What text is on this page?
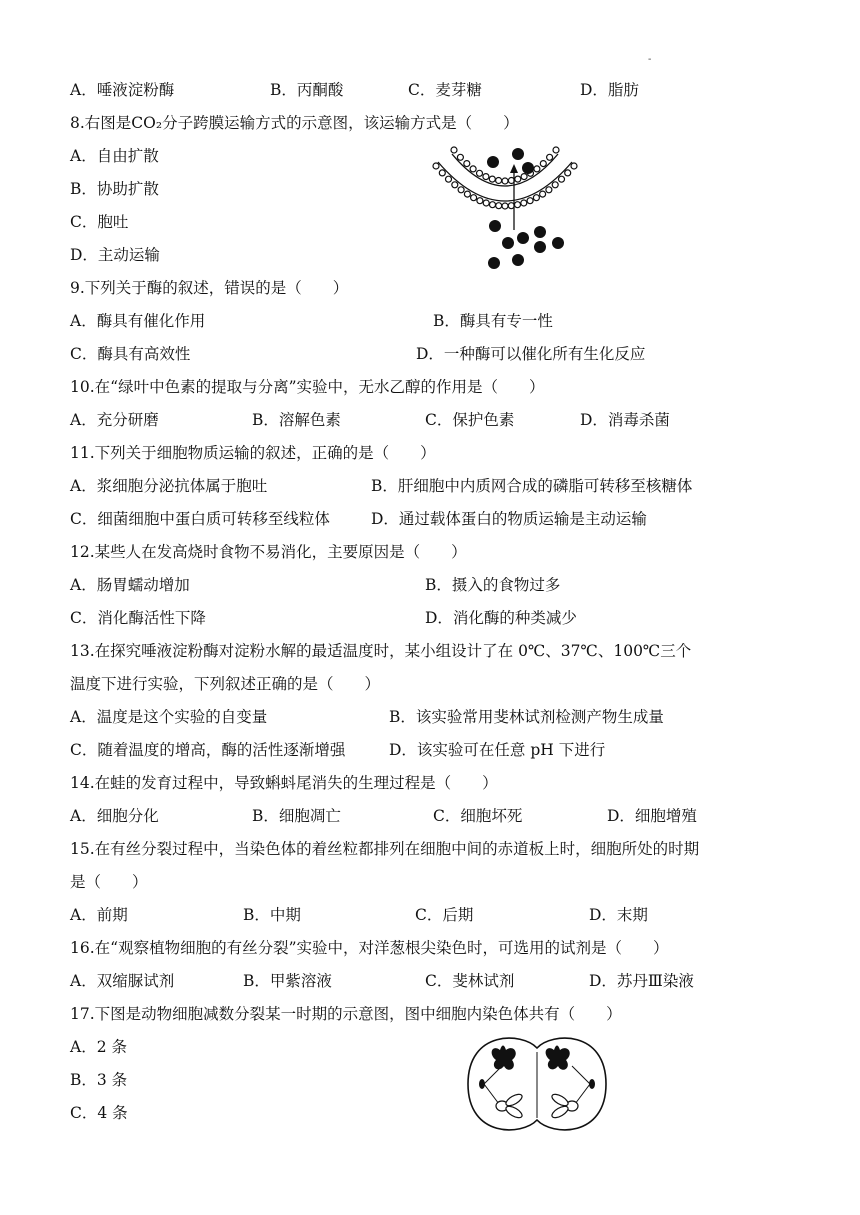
-
A．唾液淀粉酶	B．丙酮酸	C．麦芽糖	D．脂肪
8.右图是CO₂分子跨膜运输方式的示意图，该运输方式是（　　）
A．自由扩散
B．协助扩散
C．胞吐
D．主动运输
9.下列关于酶的叙述，错误的是（　　）
A．酶具有催化作用	B．酶具有专一性
C．酶具有高效性	D．一种酶可以催化所有生化反应
10.在“绿叶中色素的提取与分离”实验中，无水乙醇的作用是（　　）
A．充分研磨	B．溶解色素	C．保护色素	D．消毒杀菌
11.下列关于细胞物质运输的叙述，正确的是（　　）
A．浆细胞分泌抗体属于胞吐	B．肝细胞中内质网合成的磷脂可转移至核糖体
C．细菌细胞中蛋白质可转移至线粒体	D．通过载体蛋白的物质运输是主动运输
12.某些人在发高烧时食物不易消化，主要原因是（　　）
A．肠胃蠕动增加	B．摄入的食物过多
C．消化酶活性下降	D．消化酶的种类减少
13.在探究唾液淀粉酶对淀粉水解的最适温度时，某小组设计了在 0℃、37℃、100℃三个
温度下进行实验，下列叙述正确的是（　　）
A．温度是这个实验的自变量	B．该实验常用斐林试剂检测产物生成量
C．随着温度的增高，酶的活性逐渐增强	D．该实验可在任意 pH 下进行
14.在蛙的发育过程中，导致蝌蚪尾消失的生理过程是（　　）
A．细胞分化	B．细胞凋亡	C．细胞坏死	D．细胞增殖
15.在有丝分裂过程中，当染色体的着丝粒都排列在细胞中间的赤道板上时，细胞所处的时期
是（　　）
A．前期	B．中期	C．后期	D．末期
16.在“观察植物细胞的有丝分裂”实验中，对洋葱根尖染色时，可选用的试剂是（　　）
A．双缩脲试剂	B．甲紫溶液	C．斐林试剂	D．苏丹Ⅲ染液
17.下图是动物细胞减数分裂某一时期的示意图，图中细胞内染色体共有（　　）
A．2 条
B．3 条
C．4 条
